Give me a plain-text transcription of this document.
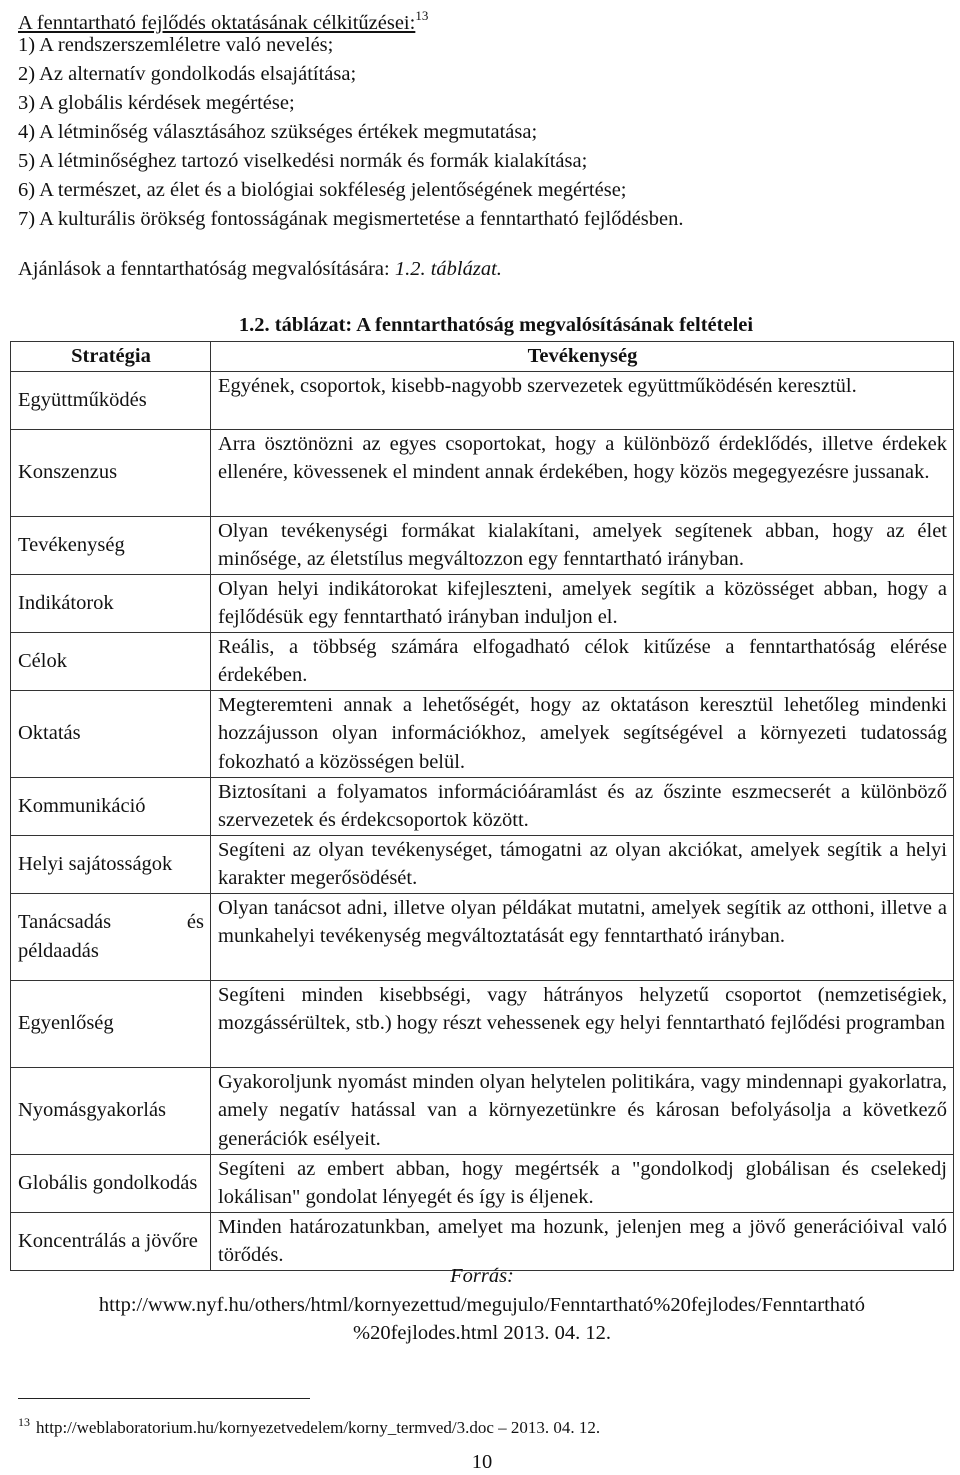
A fenntartható fejlődés oktatásának célkitűzései:$^{13}$
1) A rendszerszemléletre való nevelés;
2) Az alternatív gondolkodás elsajátítása;
3) A globális kérdések megértése;
4) A létminőség választásához szükséges értékek megmutatása;
5) A létminőséghez tartozó viselkedési normák és formák kialakítása;
6) A természet, az élet és a biológiai sokféleség jelentőségének megértése;
7) A kulturális örökség fontosságának megismertetése a fenntartható fejlődésben.
Ajánlások a fenntarthatóság megvalósítására: 1.2. táblázat.
1.2. táblázat: A fenntarthatóság megvalósításának feltételei
Stratégia	Tevékenység
Együttműködés	Egyének, csoportok, kisebb-nagyobb szervezetek együttműködésén keresztül.
Konszenzus	Arra ösztönözni az egyes csoportokat, hogy a különböző érdeklődés, illetve érdekek ellenére, kövessenek el mindent annak érdekében, hogy közös megegyezésre jussanak.
Tevékenység	Olyan tevékenységi formákat kialakítani, amelyek segítenek abban, hogy az élet minősége, az életstílus megváltozzon egy fenntartható irányban.
Indikátorok	Olyan helyi indikátorokat kifejleszteni, amelyek segítik a közösséget abban, hogy a fejlődésük egy fenntartható irányban induljon el.
Célok	Reális, a többség számára elfogadható célok kitűzése a fenntarthatóság elérése érdekében.
Oktatás	Megteremteni annak a lehetőségét, hogy az oktatáson keresztül lehetőleg mindenki hozzájusson olyan információkhoz, amelyek segítségével a környezeti tudatosság fokozható a közösségen belül.
Kommunikáció	Biztosítani a folyamatos információáramlást és az őszinte eszmecserét a különböző szervezetek és érdekcsoportok között.
Helyi sajátosságok	Segíteni az olyan tevékenységet, támogatni az olyan akciókat, amelyek segítik a helyi karakter megerősödését.
Tanácsadás és példaadás	Olyan tanácsot adni, illetve olyan példákat mutatni, amelyek segítik az otthoni, illetve a munkahelyi tevékenység megváltoztatását egy fenntartható irányban.
Egyenlőség	Segíteni minden kisebbségi, vagy hátrányos helyzetű csoportot (nemzetiségiek, mozgássérültek, stb.) hogy részt vehessenek egy helyi fenntartható fejlődési programban
Nyomásgyakorlás	Gyakoroljunk nyomást minden olyan helytelen politikára, vagy mindennapi gyakorlatra, amely negatív hatással van a környezetünkre és károsan befolyásolja a következő generációk esélyeit.
Globális gondolkodás	Segíteni az embert abban, hogy megértsék a "gondolkodj globálisan és cselekedj lokálisan" gondolat lényegét és így is éljenek.
Koncentrálás a jövőre	Minden határozatunkban, amelyet ma hozunk, jelenjen meg a jövő generációival való törődés.
Forrás:
http://www.nyf.hu/others/html/kornyezettud/megujulo/Fenntartható%20fejlodes/Fenntartható
%20fejlodes.html 2013. 04. 12.
$^{13}$ http://weblaboratorium.hu/kornyezetvedelem/korny_termved/3.doc – 2013. 04. 12.
10
